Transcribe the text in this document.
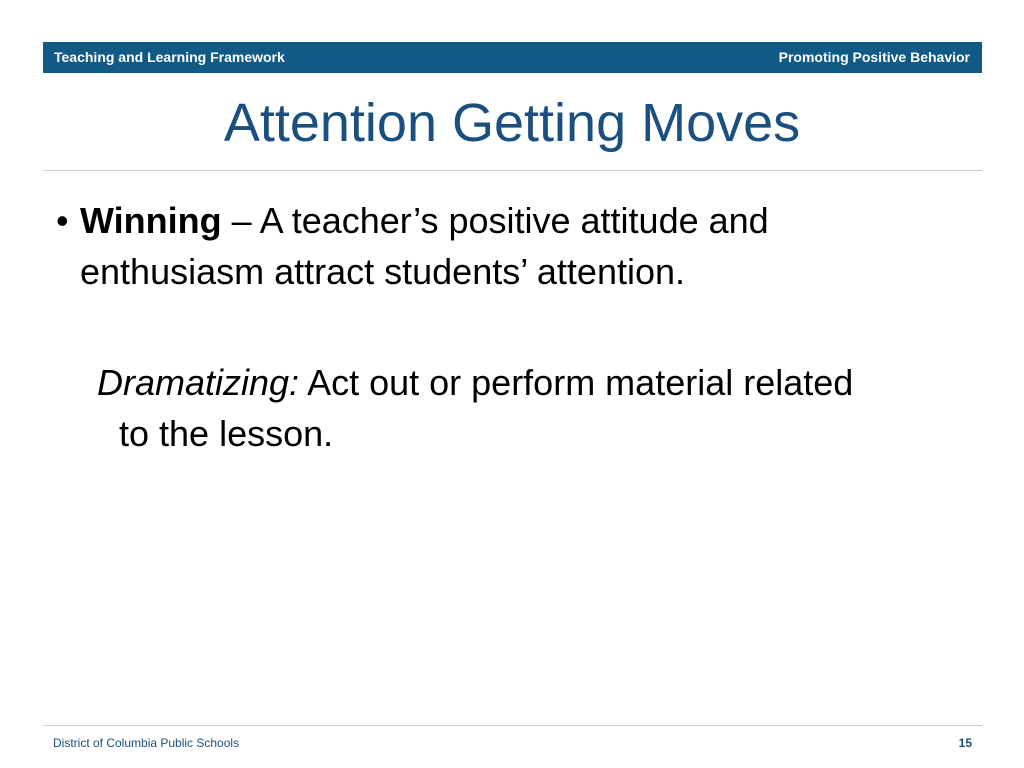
Teaching and Learning Framework	Promoting Positive Behavior
Attention Getting Moves
• Winning – A teacher’s positive attitude and enthusiasm attract students’ attention.
Dramatizing: Act out or perform material related
to the lesson.
District of Columbia Public Schools	15
